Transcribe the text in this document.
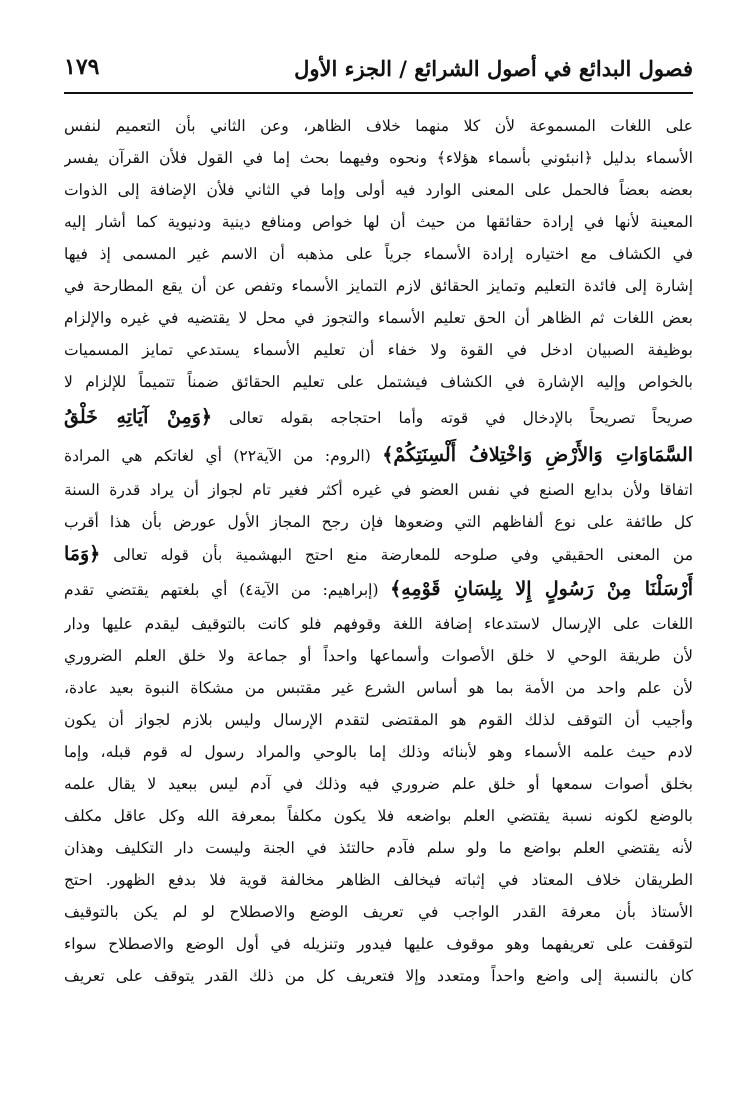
فصول البدائع في أصول الشرائع / الجزء الأول
١٧٩
على اللغات المسموعة لأن كلا منهما خلاف الظاهر، وعن الثاني بأن التعميم لنفس
الأسماء بدليل ﴿انبئوني بأسماء هؤلاء﴾ ونحوه وفيهما بحث إما في القول فلأن القرآن يفسر
بعضه بعضاً فالحمل على المعنى الوارد فيه أولى وإما في الثاني فلأن الإضافة إلى الذوات
المعينة لأنها في إرادة حقائقها من حيث أن لها خواص ومنافع دينية ودنيوية كما أشار إليه
في الكشاف مع اختياره إرادة الأسماء جرياً على مذهبه أن الاسم غير المسمى إذ فيها
إشارة إلى فائدة التعليم وتمايز الحقائق لازم التمايز الأسماء وتفص عن أن يقع المطارحة في
بعض اللغات ثم الظاهر أن الحق تعليم الأسماء والتجوز في محل لا يقتضيه في غيره والإلزام
بوظيفة الصبيان ادخل في القوة ولا خفاء أن تعليم الأسماء يستدعي تمايز المسميات
بالخواص وإليه الإشارة في الكشاف فيشتمل على تعليم الحقائق ضمناً تتميماً للإلزام لا
صريحاً تصريحاً بالإدخال في قوته وأما احتجاجه بقوله تعالى ﴿وَمِنْ آيَاتِهِ خَلْقُ
السَّمَاوَاتِ وَالأَرْضِ وَاخْتِلافُ أَلْسِنَتِكُمْ﴾ (الروم: من الآية٢٢) أي لغاتكم هي المرادة
اتفاقا ولأن بدايع الصنع في نفس العضو في غيره أكثر فغير تام لجواز أن يراد قدرة السنة
كل طائفة على نوع ألفاظهم التي وضعوها فإن رجح المجاز الأول عورض بأن هذا أقرب
من المعنى الحقيقي وفي صلوحه للمعارضة منع احتج البهشمية بأن قوله تعالى ﴿وَمَا
أَرْسَلْنَا مِنْ رَسُولٍ إِلا بِلِسَانِ قَوْمِهِ﴾ (إبراهيم: من الآية٤) أي بلغتهم يقتضي تقدم
اللغات على الإرسال لاستدعاء إضافة اللغة وقوفهم فلو كانت بالتوقيف ليقدم عليها ودار
لأن طريقة الوحي لا خلق الأصوات وأسماعها واحداً أو جماعة ولا خلق العلم الضروري
لأن علم واحد من الأمة بما هو أساس الشرع غير مقتبس من مشكاة النبوة بعيد عادة،
وأجيب أن التوقف لذلك القوم هو المقتضى لتقدم الإرسال وليس بلازم لجواز أن يكون
لادم حيث علمه الأسماء وهو لأبنائه وذلك إما بالوحي والمراد رسول له قوم قبله، وإما
بخلق أصوات سمعها أو خلق علم ضروري فيه وذلك في آدم ليس ببعيد لا يقال علمه
بالوضع لكونه نسبة يقتضي العلم بواضعه فلا يكون مكلفاً بمعرفة الله وكل عاقل مكلف
لأنه يقتضي العلم بواضع ما ولو سلم فآدم حالتئذ في الجنة وليست دار التكليف وهذان
الطريقان خلاف المعتاد في إثباته فيخالف الظاهر مخالفة قوية فلا بدفع الظهور. احتج
الأستاذ بأن معرفة القدر الواجب في تعريف الوضع والاصطلاح لو لم يكن بالتوقيف
لتوقفت على تعريفهما وهو موقوف عليها فيدور وتنزيله في أول الوضع والاصطلاح سواء
كان بالنسبة إلى واضع واحداً ومتعدد وإلا فتعريف كل من ذلك القدر يتوقف على تعريف
